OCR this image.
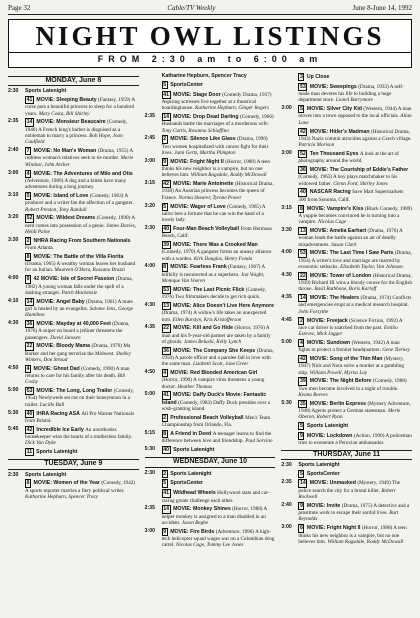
Page 32	Cable/TV Weekly	June 8-June 14, 1992
NIGHT OWL LISTINGS
FROM 2:30 am to 6:00 am
MONDAY, June 8
2:30	Sports Latenight
41 MOVIE: Sleeping Beauty (Fantasy, 1959) A curse puts a beautiful princess to sleep for a hundred years. Mary Costa, Bill Shirley
2:35	14 MOVIE: Monsieur Beaucaire (Comedy, 1946) A French king's barber is disguised as a nobleman to marry a princess. Bob Hope, Joan Caulfield
2:40	7 MOVIE: No Man's Woman (Drama, 1955) A ruthless woman's relatives seek to tie murder. Marie Windsor, John Archer
3:00	4 MOVIE: The Adventures of Milo and Otis (Adventure, 1989) A dog and a kitten have many adventures during a long journey.
3:10	5 MOVIE: Island of Love (Comedy, 1963) A producer and a writer fan the affection of a gangster. Robert Preston, Tony Randall
3:20	52 MOVIE: Wildest Dreams (Comedy, 1990) A nerd comes into possession of a genie. James Davies, Heidi Paine
3:30	2 NHRA Racing From Southern Nationals From Atlanta.
8 MOVIE: The Battle of the Villa Fiorita (Drama, 1965) A wealthy woman leaves her husband for an Italian. Maureen O'Hara, Rossano Brazzi
4:00	9 42 MOVIE: Isle of Secret Passion (Drama, 1982) A young woman falls under the spell of a dashing stranger. Patch Mackenzie
4:10	14 MOVIE: Angel Baby (Drama, 1961) A mute girl is healed by an evangelist. Salome Jens, George Hamilton
4:30	36 MOVIE: Mayday at 40,000 Feet (Drama, 1976) A sniper on board a jetliner threatens the passengers. David Janssen
22 MOVIE: Bloody Mama (Drama, 1970) Ma Barker and her gang terrorize the Midwest. Shelley Winters, Don Stroud
4:50	4 MOVIE: Ghost Dad (Comedy, 1990) A man returns to care for his family after his death. Bill Cosby
5:00	53 MOVIE: The Long, Long Trailer (Comedy, 1954) Newlyweds set out on their honeymoon in a trailer. Lucille Ball
5:30	40 IHRA Racing ASA All Pro Warner Nationals from Bristol.
5:45	42 Incredible Ice Early An unorthodox housekeeper wins the hearts of a motherless family. Dick Van Dyke
11 Sports Latenight
TUESDAY, June 9
2:30	Sports Latenight
6 MOVIE: Women of the Year (Comedy, 1942) A sports reporter marries a fiery political writer. Katharine Hepburn, Spencer Tracy
Katharine Hepburn, Spencer Tracy
5 SportsCenter
41 MOVIE: Stage Door (Comedy Drama, 1937) Aspiring actresses live together at a theatrical boardinghouse. Katharine Hepburn, Ginger Rogers
2:35	14 MOVIE: Drop Dead Darling (Comedy, 1966) Husbands battle the marriages of a murderous wife. Tony Curtis, Rosanna Schiaffino
2:45	2 MOVIE: Silence Like Glass (Drama, 1990) Two women hospitalized with cancer fight for their lives. Jami Gertz, Martha Plimpton
3:00	9 MOVIE: Fright Night II (Horror, 1988) A teen thinks his new neighbor is a vampire, but no one believes him. William Ragsdale, Roddy McDowall
3:15	42 MOVIE: Marie Antoinette (Historical Drama, 1938) An Austrian princess becomes the queen of France. Norma Shearer, Tyrone Power
3:20	5 MOVIE: Wager of Love (Comedy, 1965) A sailor bets a fortune that he can win the hand of a lovely lady.
3:30	40 Four-Man Beach Volleyball From Hermosa Beach, Calif.
39 MOVIE: There Was a Crooked Man (Comedy, 1970) A gangster forms an uneasy alliance with a warden. Kirk Douglas, Henry Fonda
4:00	8 MOVIE: Fearless Frank (Fantasy, 1967) A hillbilly is resurrected as a superhero. Jon Voight, Monique Van Vooren
53 MOVIE: The Last Picnic Flick (Comedy, 1976) Two filmmakers decide to get rich quick.
4:30	13 MOVIE: Alice Doesn't Live Here Anymore (Drama, 1974) A widow's life takes an unexpected turn. Ellen Burstyn, Kris Kristofferson
4:35	22 MOVIE: Kill and Go Hide (Horror, 1976) A man and his 9-year-old partner are taken by a family of ghouls. James Belushi, Kelly Lynch
36 MOVIE: The Company She Keeps (Drama, 1950) A parole officer and a parolee fall in love with the same man. Lizabeth Scott, Jane Greer
4:50	4 MOVIE: Red Blooded American Girl (Horror, 1990) A vampire virus threatens a young doctor. Heather Thomas
5:00	41 MOVIE: Daffy Duck's Movie: Fantastic Island (Comedy, 1983) Daffy Duck presides over a wish-granting island.
2 Professional Beach Volleyball Men's Team Championship from Orlando, Fla.
5:15	8 A Friend in Deed A teenager learns to find the difference between love and friendship. Paul Sorvino
5:30	40 Sports Latenight
WEDNESDAY, June 10
2:30	2 Sports Latenight
5 SportsCenter
41 Wildhead Wheels Hollywood stars and car-racing greats challenge each other.
2:35	14 MOVIE: Monkey Shines (Horror, 1988) A helper monkey is assigned to a man disabled in an accident. Jason Beghe
3:00	9 MOVIE: Fire Birds (Adventure, 1990) A high-tech helicopter squad wages war on a Colombian drug cartel. Nicolas Cage, Tommy Lee Jones
3 Up Close
53 MOVIE: Sweepings (Drama, 1933) A self-made man devotes his life to building a huge department store. Lionel Barrymore
3:00	5 MOVIE: Silver City Kid (Western, 1944) A man moves into a town opposed to the local officials. Allan Lane
42 MOVIE: Hitler's Madman (Historical Drama, 1943) Nazis commit atrocities against a Czech village. Patricia Morison
3:00	52 Ten Thousand Eyes A look at the art of photography around the world.
36 MOVIE: The Courtship of Eddie's Father (Comedy, 1963) A boy plays matchmaker to his widowed father. Glenn Ford, Shirley Jones
40 NASCAR Racing Save Mart Supermarkets 300 from Sonoma, Calif.
3:15	8 MOVIE: Vampire's Kiss (Black Comedy, 1989) A yuppie becomes convinced he is turning into a vampire. Nicolas Cage
3:30	13 MOVIE: Amelia Earhart (Drama, 1976) A woman leads the battle against an air of deadly misadventures. Susan Clark
4:00	53 MOVIE: The Last Time I Saw Paris (Drama, 1954) A writer's love and marriage are marred by economic setbacks. Elizabeth Taylor, Van Johnson
4:30	22 MOVIE: Tower of London (Historical Drama, 1939) Richard III wins a bloody course for the English throne. Basil Rathbone, Boris Karloff
4:35	14 MOVIE: The Healers (Drama, 1974) Conflicts and emergencies erupt at a medical research hospital. John Forsythe
4:45	2 MOVIE: Freejack (Science Fiction, 1992) A race car driver is snatched from the past. Emilio Estevez, Mick Jagger
5:00	4 MOVIE: Sundown (Western, 1942) A man fights to protect a frontier headquarters. Gene Tierney
42 MOVIE: Song of the Thin Man (Mystery, 1947) Nick and Nora solve a murder at a gambling ship. William Powell, Myrna Loy
39 MOVIE: The Night Before (Comedy, 1988) Two men become involved in a night of trouble. Keanu Reeves
5:30	35 MOVIE: Berlin Express (Mystery Adventure, 1948) Agents protect a German statesman. Merle Oberon, Robert Ryan
5 Sports Latenight
9 MOVIE: Lockdown (Action, 1990) A policeman tries to exonerate a Peruvian ambassador.
THURSDAY, June 11
2:30	Sports Latenight
5 SportsCenter
2:35	14 MOVIE: Unmasked (Mystery, 1949) The police search the city for a brutal killer. Robert Rockwell
2:40	9 MOVIE: Invite (Drama, 1975) A detective and a prostitute work to escape their sordid lives. Burt Reynolds
3:00	6 MOVIE: Fright Night II (Horror, 1988) A teen thinks his new neighbor is a vampire, but no one believes him. William Ragsdale, Roddy McDowall
